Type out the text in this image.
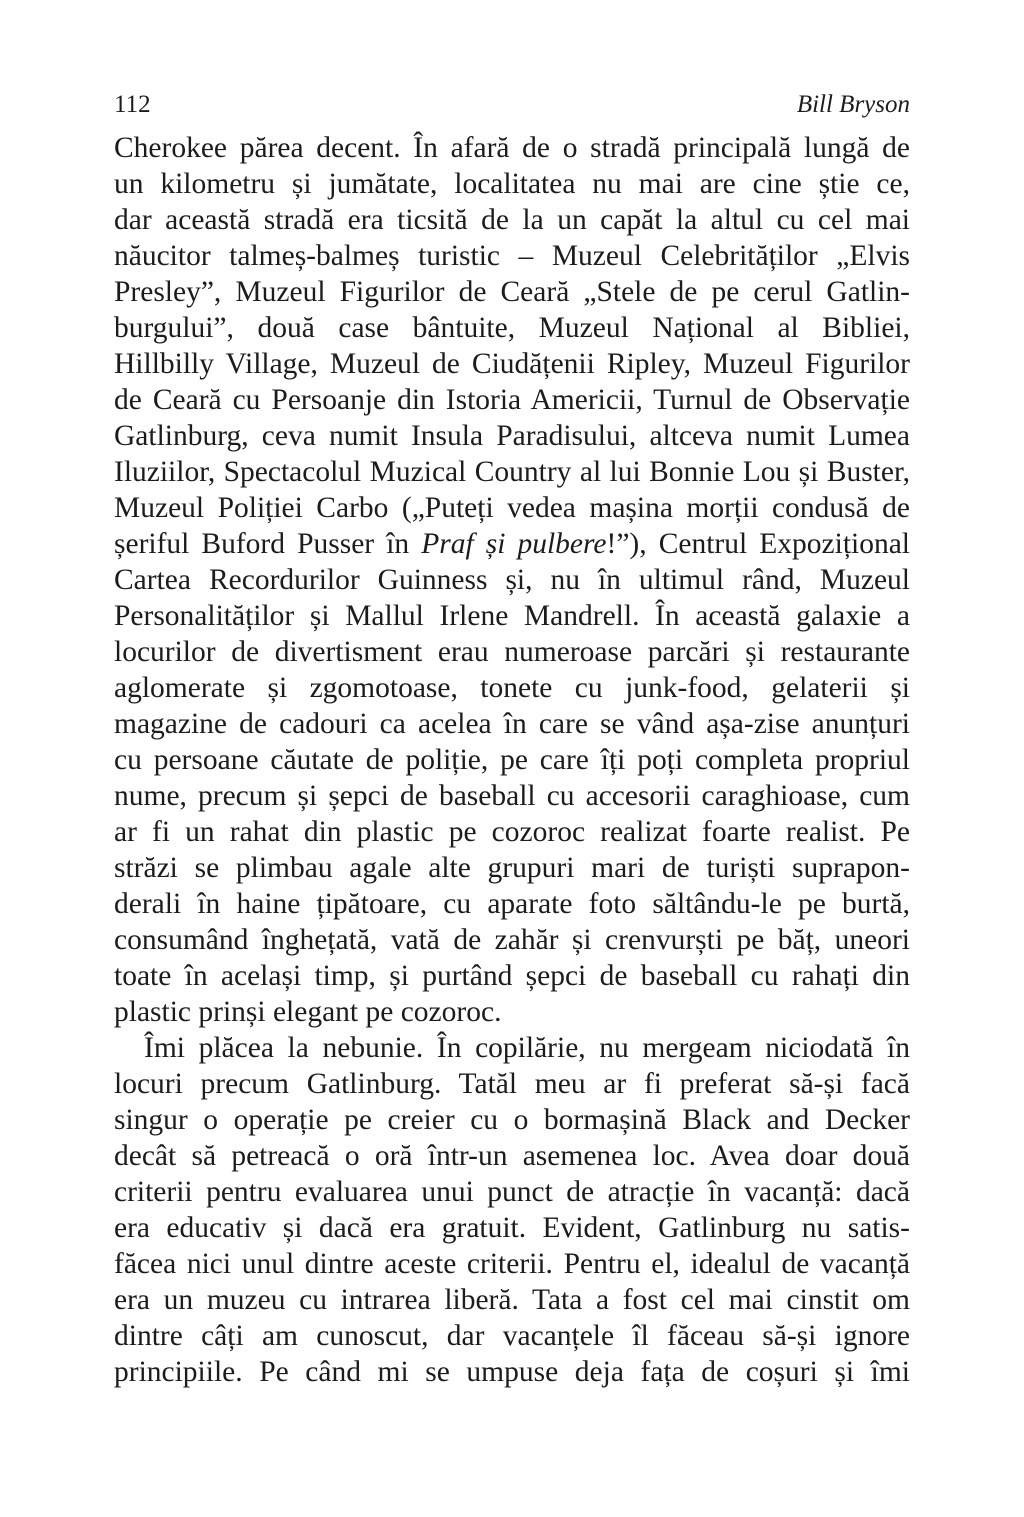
112	Bill Bryson
Cherokee părea decent. În afară de o stradă principală lungă de
un kilometru și jumătate, localitatea nu mai are cine știe ce,
dar această stradă era ticsită de la un capăt la altul cu cel mai
năucitor talmeș-balmeș turistic – Muzeul Celebrităților „Elvis
Presley”, Muzeul Figurilor de Ceară „Stele de pe cerul Gatlin-
burgului”, două case bântuite, Muzeul Național al Bibliei,
Hillbilly Village, Muzeul de Ciudățenii Ripley, Muzeul Figurilor
de Ceară cu Persoanje din Istoria Americii, Turnul de Observație
Gatlinburg, ceva numit Insula Paradisului, altceva numit Lumea
Iluziilor, Spectacolul Muzical Country al lui Bonnie Lou și Buster,
Muzeul Poliției Carbo („Puteți vedea mașina morții condusă de
șeriful Buford Pusser în Praf și pulbere!”), Centrul Expozițional
Cartea Recordurilor Guinness și, nu în ultimul rând, Muzeul
Personalităților și Mallul Irlene Mandrell. În această galaxie a
locurilor de divertisment erau numeroase parcări și restaurante
aglomerate și zgomotoase, tonete cu junk-food, gelaterii și
magazine de cadouri ca acelea în care se vând așa-zise anunțuri
cu persoane căutate de poliție, pe care îți poți completa propriul
nume, precum și șepci de baseball cu accesorii caraghioase, cum
ar fi un rahat din plastic pe cozoroc realizat foarte realist. Pe
străzi se plimbau agale alte grupuri mari de turiști suprapon-
derali în haine țipătoare, cu aparate foto săltându-le pe burtă,
consumând înghețată, vată de zahăr și crenvurști pe băț, uneori
toate în același timp, și purtând șepci de baseball cu rahați din
plastic prinși elegant pe cozoroc.
Îmi plăcea la nebunie. În copilărie, nu mergeam niciodată în
locuri precum Gatlinburg. Tatăl meu ar fi preferat să-și facă
singur o operație pe creier cu o bormașină Black and Decker
decât să petreacă o oră într-un asemenea loc. Avea doar două
criterii pentru evaluarea unui punct de atracție în vacanță: dacă
era educativ și dacă era gratuit. Evident, Gatlinburg nu satis-
făcea nici unul dintre aceste criterii. Pentru el, idealul de vacanță
era un muzeu cu intrarea liberă. Tata a fost cel mai cinstit om
dintre câți am cunoscut, dar vacanțele îl făceau să-și ignore
principiile. Pe când mi se umpuse deja fața de coșuri și îmi
